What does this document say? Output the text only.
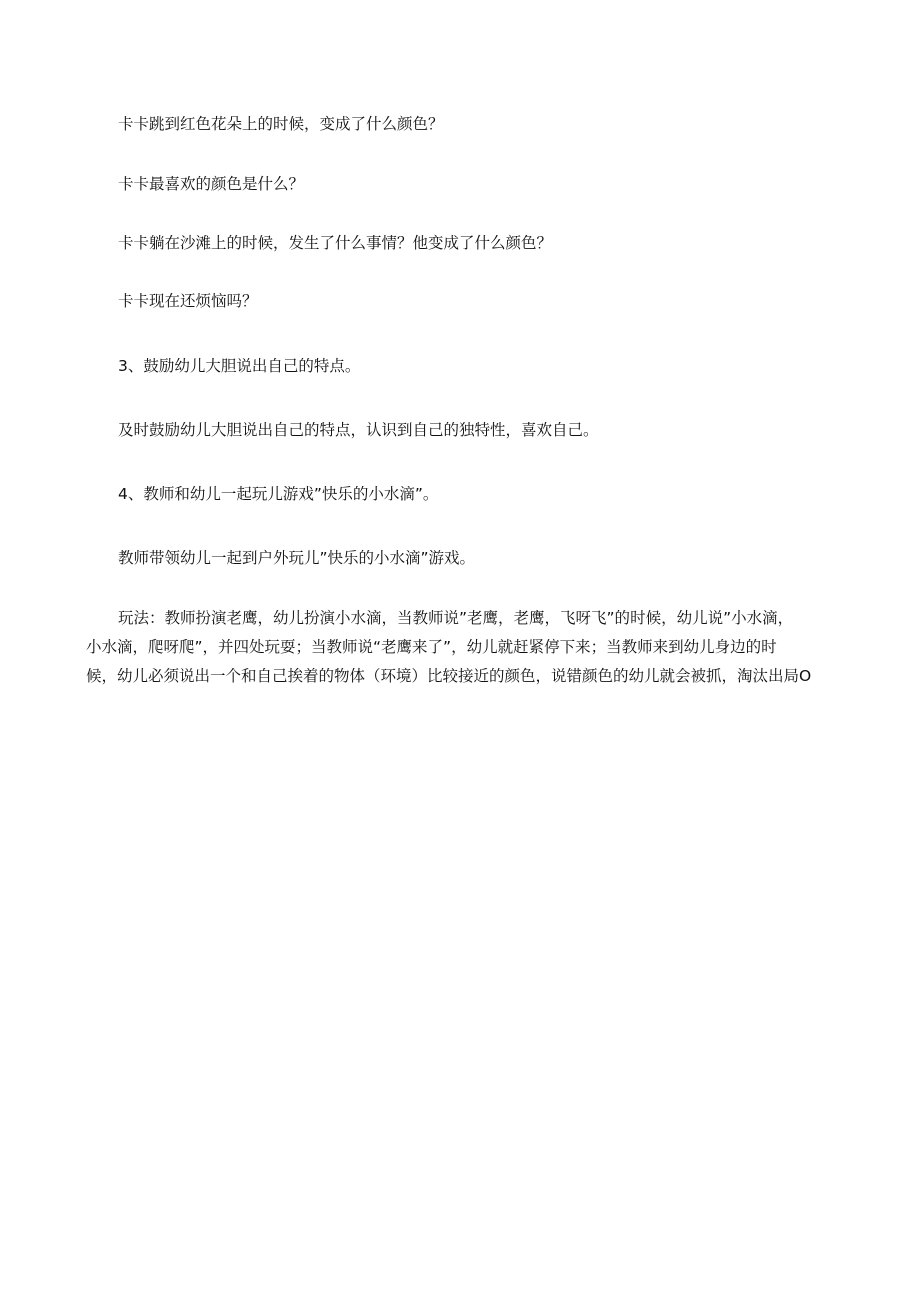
卡卡跳到红色花朵上的时候，变成了什么颜色？

卡卡最喜欢的颜色是什么？

卡卡躺在沙滩上的时候，发生了什么事情？他变成了什么颜色？

卡卡现在还烦恼吗？

3、鼓励幼儿大胆说出自己的特点。

及时鼓励幼儿大胆说出自己的特点，认识到自己的独特性，喜欢自己。

4、教师和幼儿一起玩儿游戏”快乐的小水滴”。

教师带领幼儿一起到户外玩儿”快乐的小水滴”游戏。

玩法：教师扮演老鹰，幼儿扮演小水滴，当教师说”老鹰，老鹰，飞呀飞”的时候，幼儿说”小水滴，
小水滴，爬呀爬”，并四处玩耍；当教师说“老鹰来了”，幼儿就赶紧停下来；当教师来到幼儿身边的时
候，幼儿必须说出一个和自己挨着的物体（环境）比较接近的颜色，说错颜色的幼儿就会被抓，淘汰出局O
